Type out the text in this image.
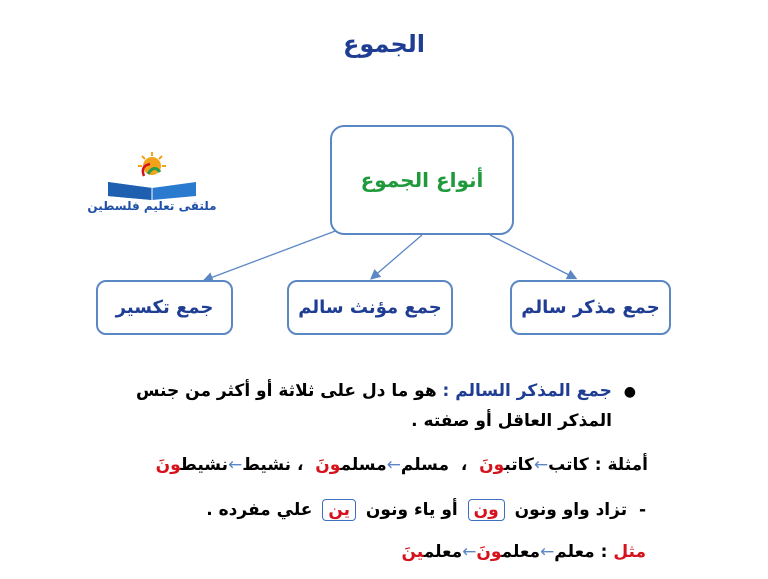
الجموع
أنواع الجموع
جمع مذكر سالم
جمع مؤنث سالم
جمع تكسير
ملتقى تعليم فلسطين
● جمع المذكر السالم : هو ما دل على ثلاثة أو أكثر من جنس
المذكر العاقل أو صفته .
أمثلة : كاتب←كاتبونَ  ،  مسلم←مسلمونَ  ، نشيط←نشيطونَ
-  تزاد واو ونون ون أو ياء ونون ين علي مفرده .
مثل : معلم←معلمونَ←معلمينَ
